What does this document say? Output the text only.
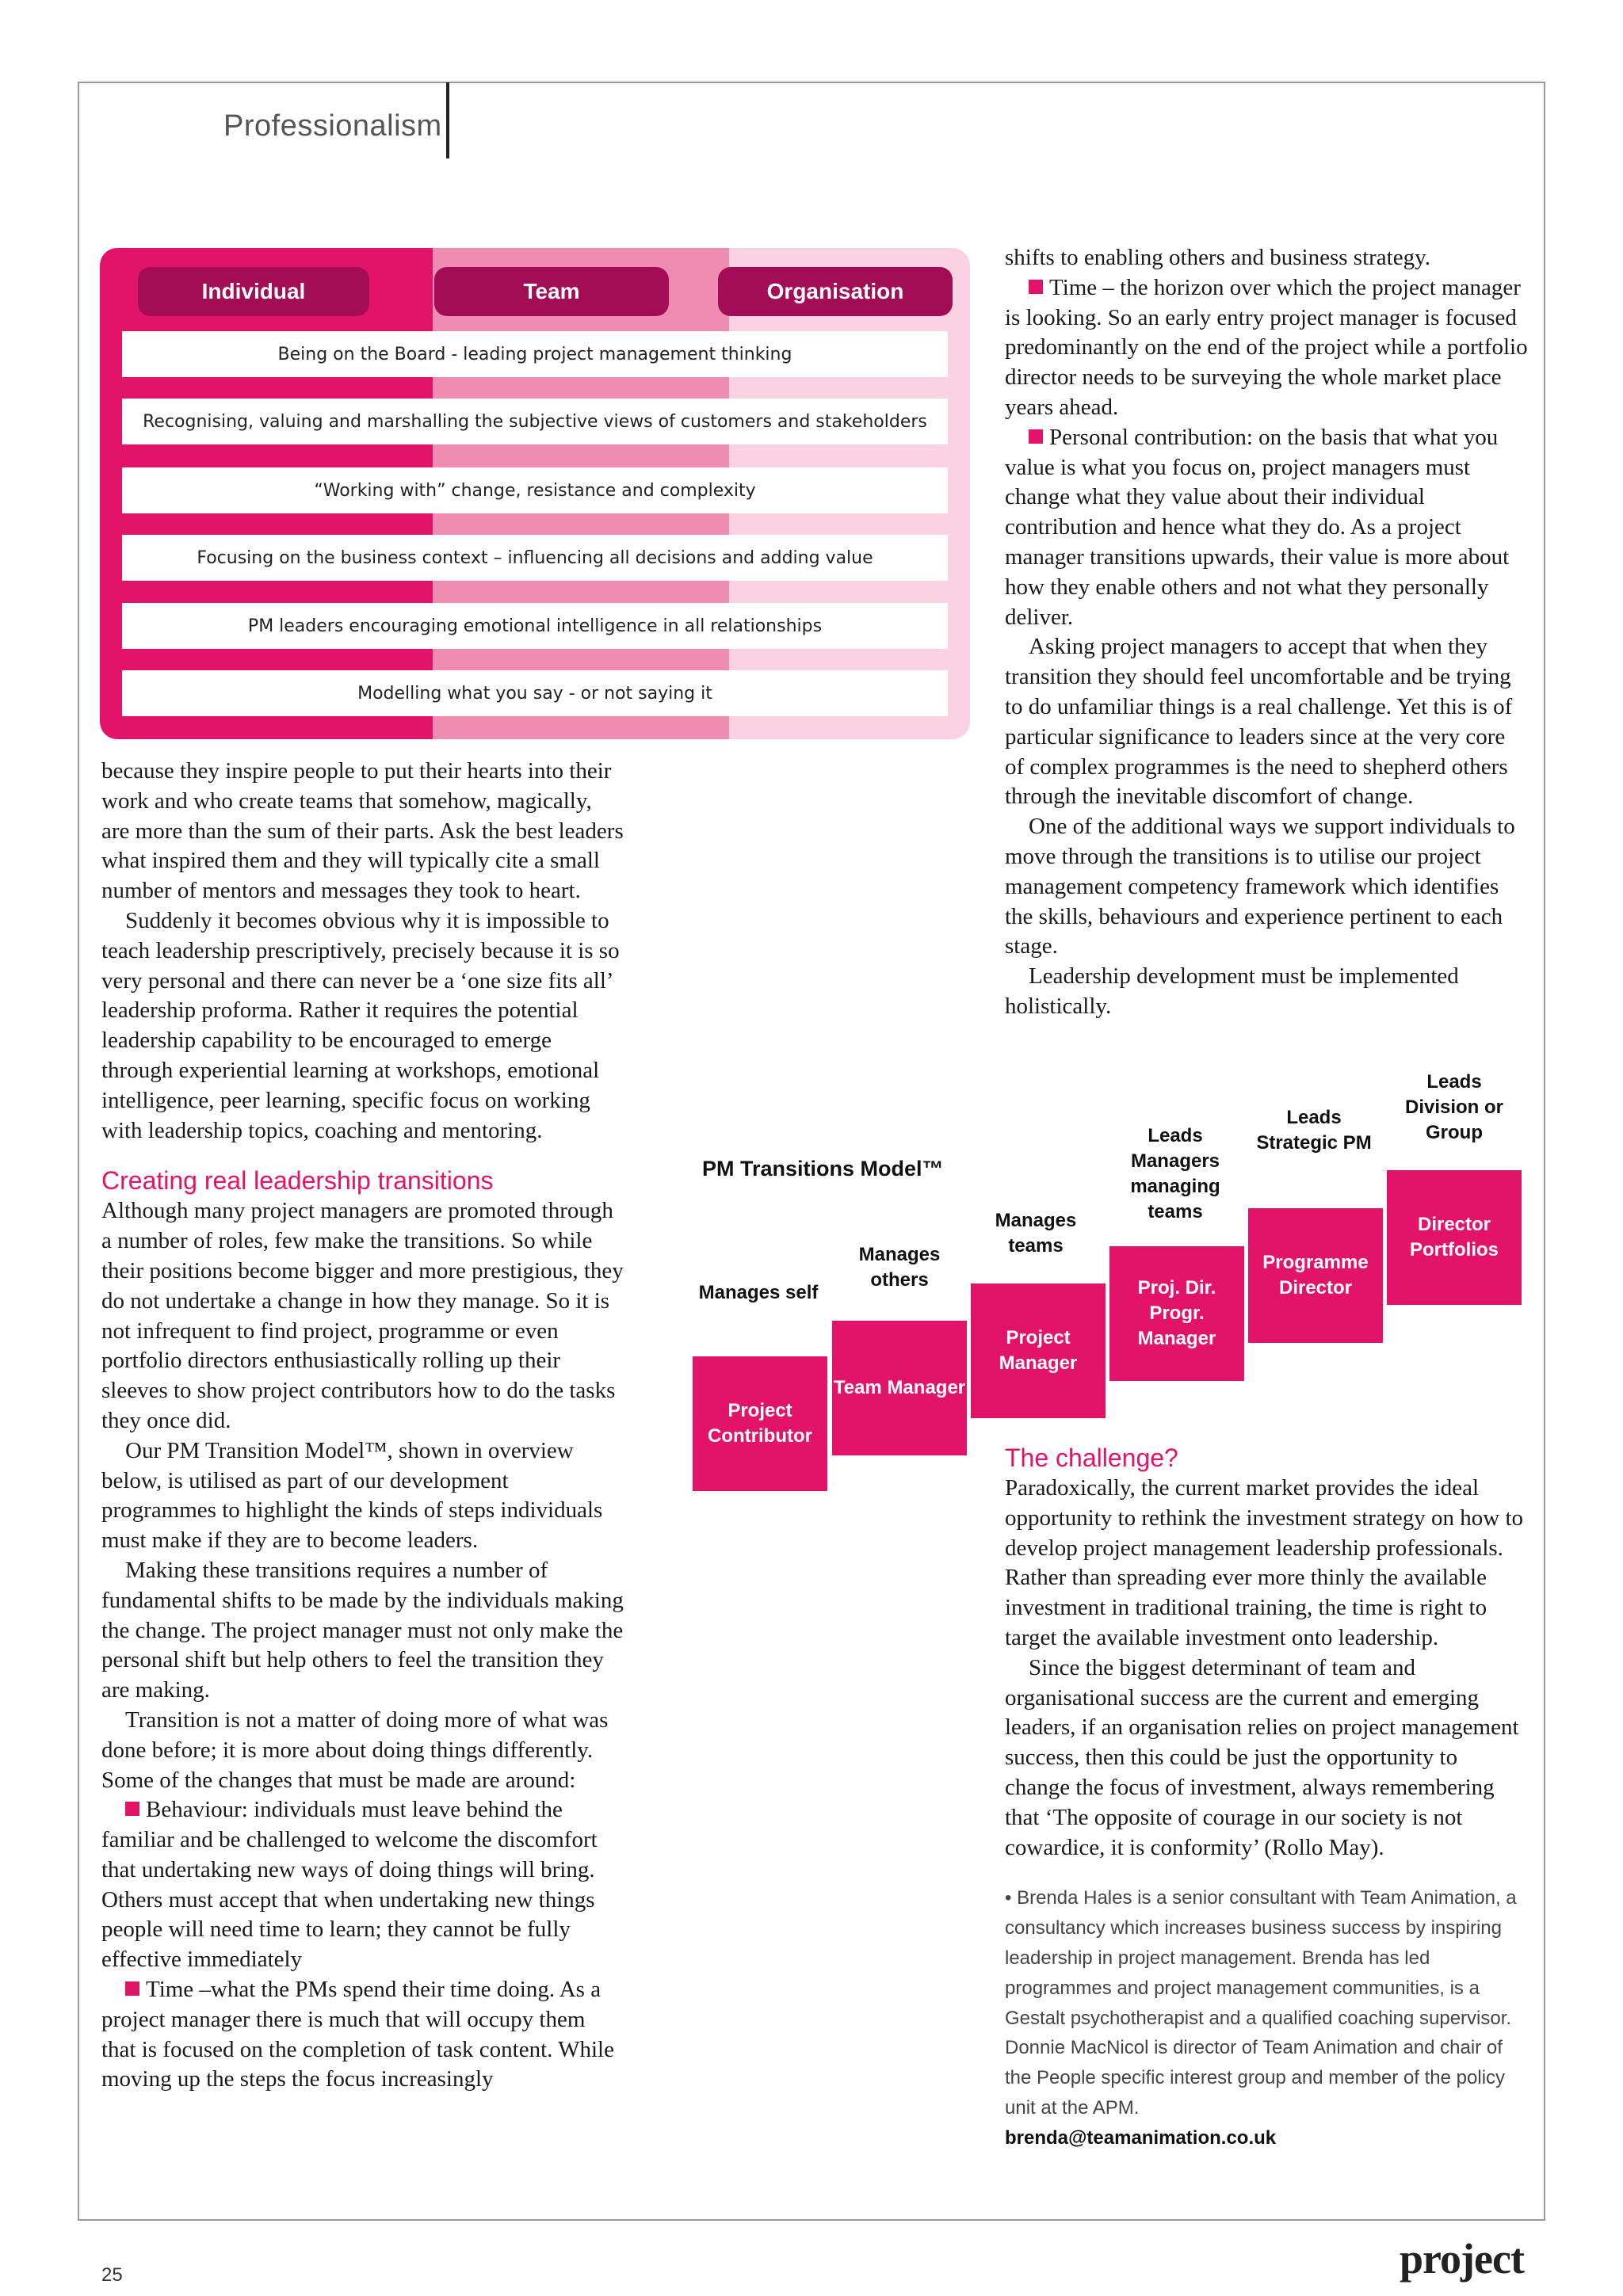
Professionalism
Individual	Team	Organisation
Being on the Board - leading project management thinking
Recognising, valuing and marshalling the subjective views of customers and stakeholders
“Working with” change, resistance and complexity
Focusing on the business context – influencing all decisions and adding value
PM leaders encouraging emotional intelligence in all relationships
Modelling what you say - or not saying it

because they inspire people to put their hearts into their work and who create teams that somehow, magically, are more than the sum of their parts. Ask the best leaders what inspired them and they will typically cite a small number of mentors and messages they took to heart.

Suddenly it becomes obvious why it is impossible to teach leadership prescriptively, precisely because it is so very personal and there can never be a ‘one size fits all’ leadership proforma. Rather it requires the potential leadership capability to be encouraged to emerge through experiential learning at workshops, emotional intelligence, peer learning, specific focus on working with leadership topics, coaching and mentoring.

Creating real leadership transitions

Although many project managers are promoted through a number of roles, few make the transitions. So while their positions become bigger and more prestigious, they do not undertake a change in how they manage. So it is not infrequent to find project, programme or even portfolio directors enthusiastically rolling up their sleeves to show project contributors how to do the tasks they once did.

Our PM Transition Model™, shown in overview below, is utilised as part of our development programmes to highlight the kinds of steps individuals must make if they are to become leaders.

Making these transitions requires a number of fundamental shifts to be made by the individuals making the change. The project manager must not only make the personal shift but help others to feel the transition they are making.

Transition is not a matter of doing more of what was done before; it is more about doing things differently. Some of the changes that must be made are around:

Behaviour: individuals must leave behind the familiar and be challenged to welcome the discomfort that undertaking new ways of doing things will bring. Others must accept that when undertaking new things people will need time to learn; they cannot be fully effective immediately

Time –what the PMs spend their time doing. As a project manager there is much that will occupy them that is focused on the completion of task content. While moving up the steps the focus increasingly

shifts to enabling others and business strategy.

Time – the horizon over which the project manager is looking. So an early entry project manager is focused predominantly on the end of the project while a portfolio director needs to be surveying the whole market place years ahead.

Personal contribution: on the basis that what you value is what you focus on, project managers must change what they value about their individual contribution and hence what they do. As a project manager transitions upwards, their value is more about how they enable others and not what they personally deliver.

Asking project managers to accept that when they transition they should feel uncomfortable and be trying to do unfamiliar things is a real challenge. Yet this is of particular significance to leaders since at the very core of complex programmes is the need to shepherd others through the inevitable discomfort of change.

One of the additional ways we support individuals to move through the transitions is to utilise our project management competency framework which identifies the skills, behaviours and experience pertinent to each stage.

Leadership development must be implemented holistically.

PM Transitions Model™
Manages self
Project Contributor
Manages others
Team Manager
Manages teams
Project Manager
Leads Managers managing teams
Proj. Dir. Progr. Manager
Leads Strategic PM
Programme Director
Leads Division or Group
Director Portfolios
The challenge?

Paradoxically, the current market provides the ideal opportunity to rethink the investment strategy on how to develop project management leadership professionals. Rather than spreading ever more thinly the available investment in traditional training, the time is right to target the available investment onto leadership.

Since the biggest determinant of team and organisational success are the current and emerging leaders, if an organisation relies on project management success, then this could be just the opportunity to change the focus of investment, always remembering that ‘The opposite of courage in our society is not cowardice, it is conformity’ (Rollo May).

• Brenda Hales is a senior consultant with Team Animation, a consultancy which increases business success by inspiring leadership in project management. Brenda has led programmes and project management communities, is a Gestalt psychotherapist and a qualified coaching supervisor. Donnie MacNicol is director of Team Animation and chair of the People specific interest group and member of the policy unit at the APM.
brenda@teamanimation.co.uk
25	project
